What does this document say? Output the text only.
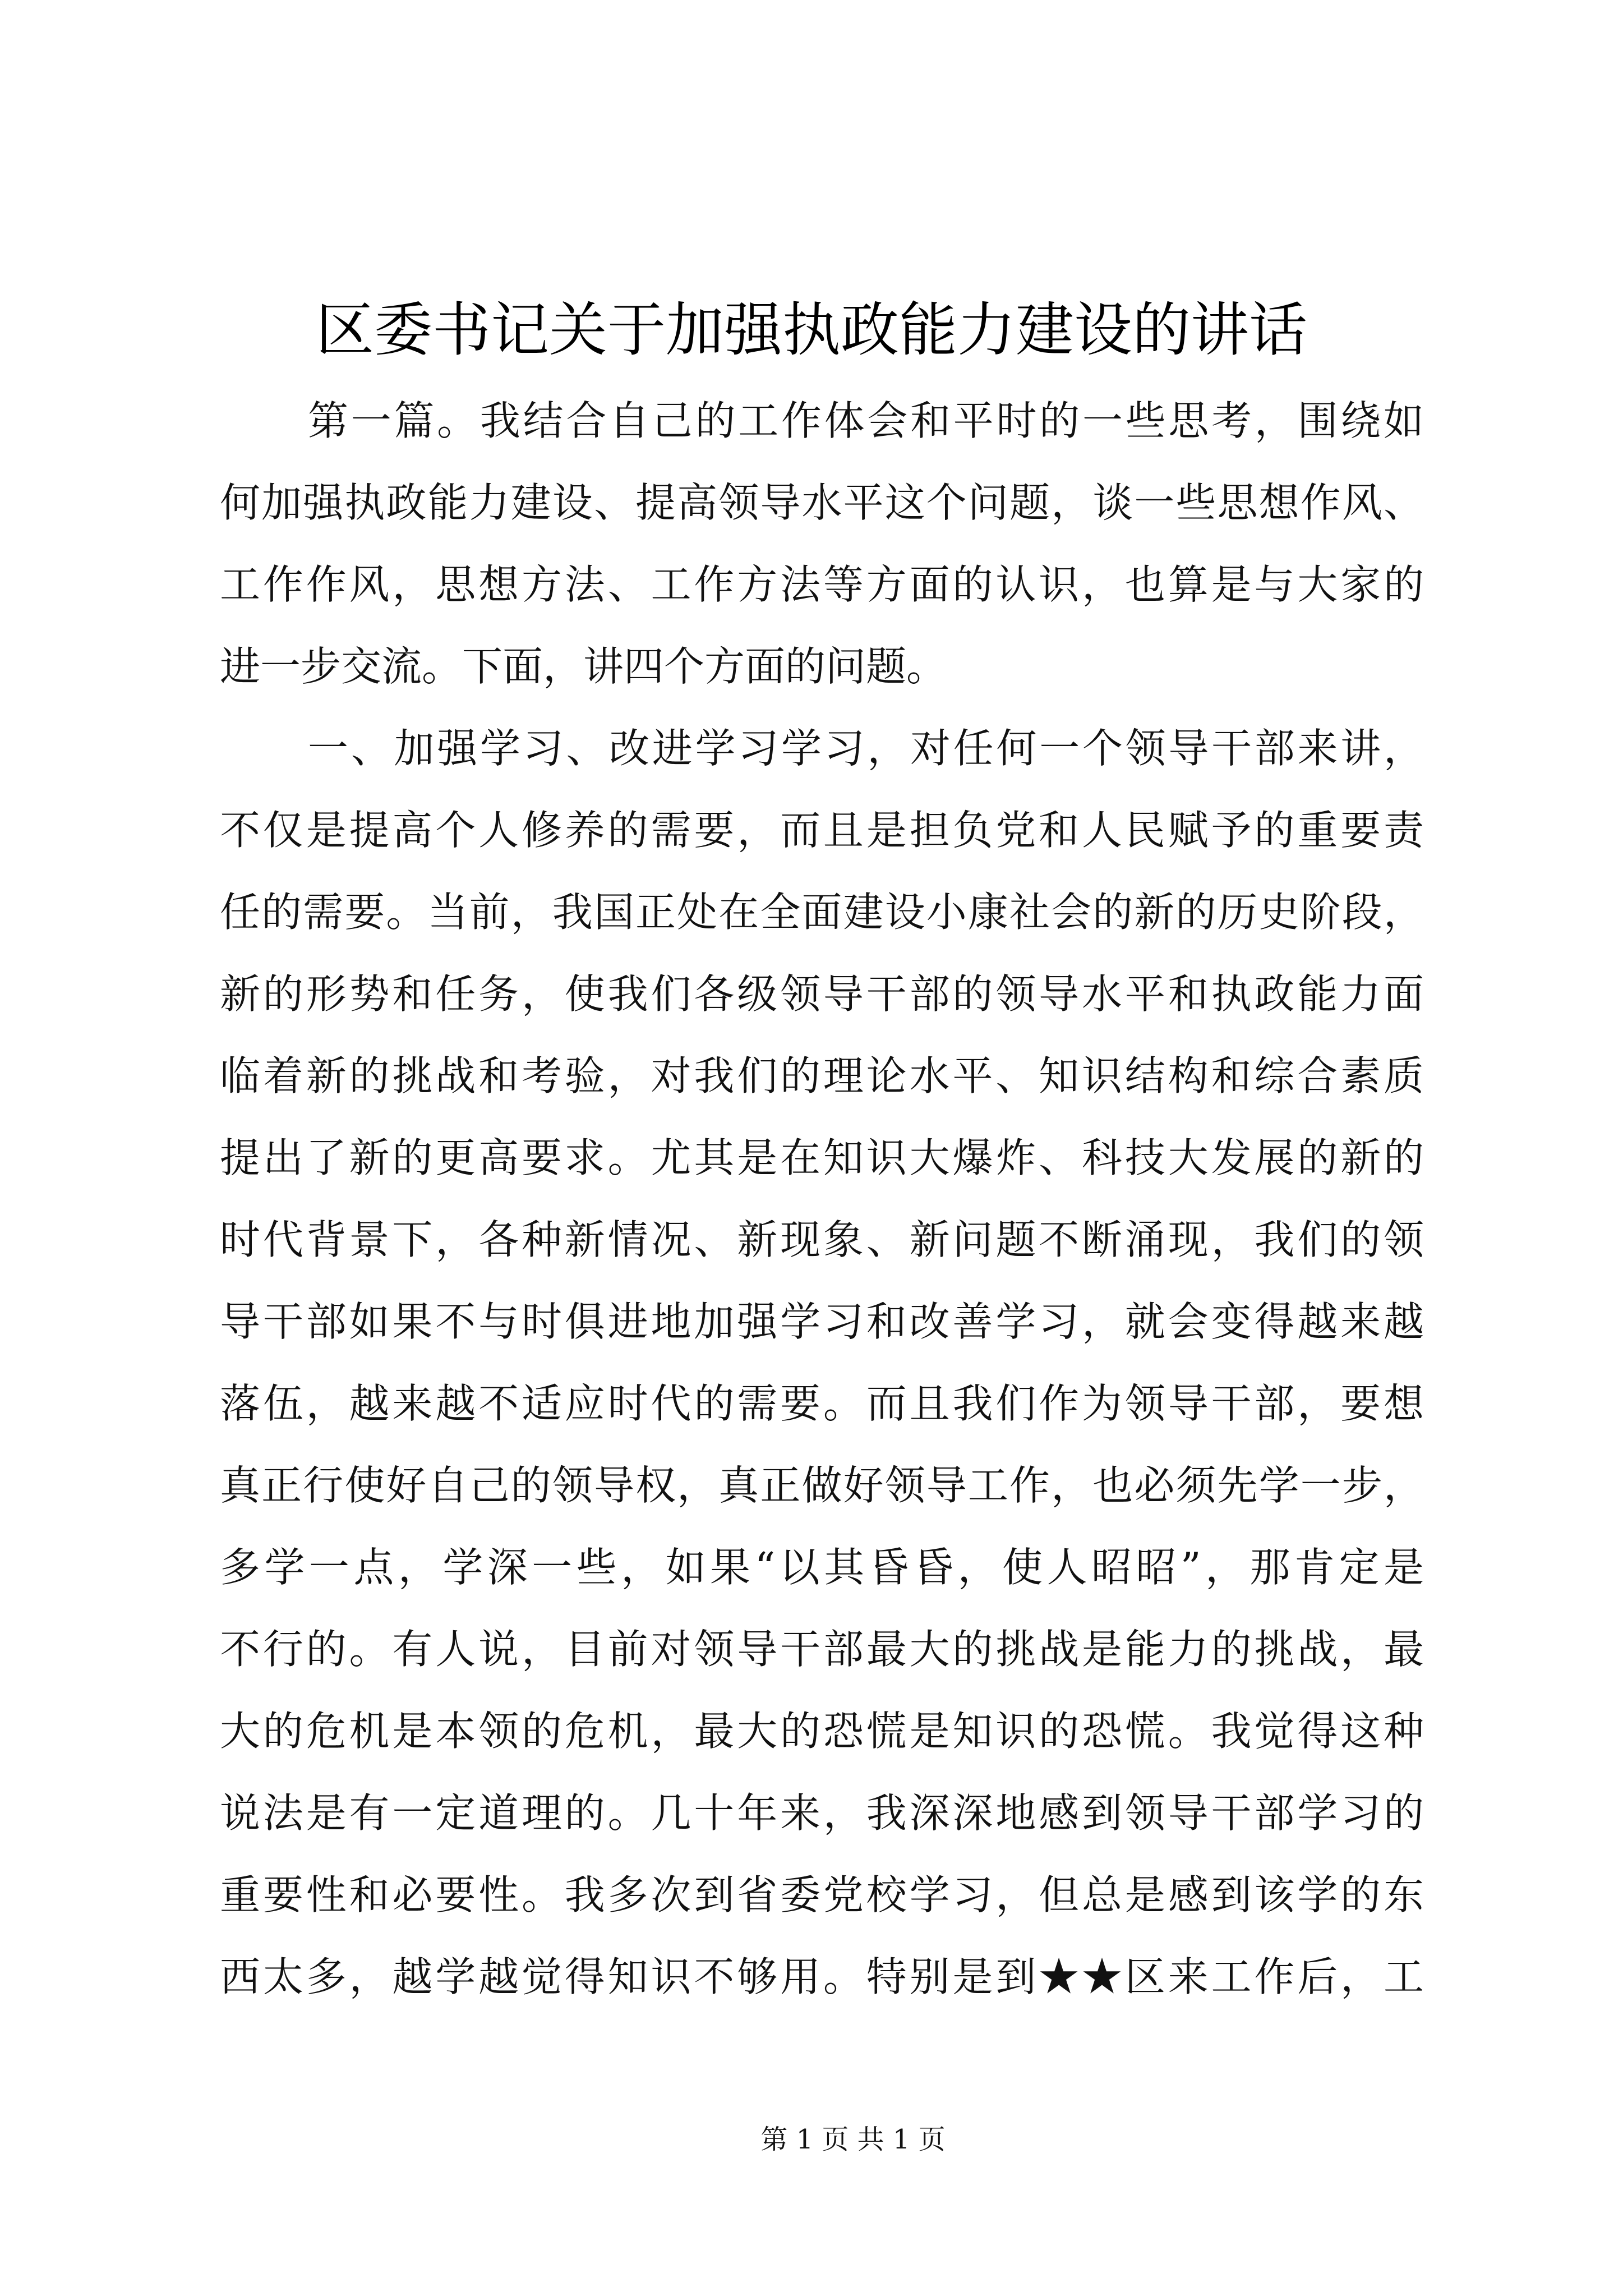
区委书记关于加强执政能力建设的讲话
第一篇。我结合自己的工作体会和平时的一些思考，围绕如
何加强执政能力建设、提高领导水平这个问题，谈一些思想作风、
工作作风，思想方法、工作方法等方面的认识，也算是与大家的
进一步交流。下面，讲四个方面的问题。
一、加强学习、改进学习学习，对任何一个领导干部来讲，
不仅是提高个人修养的需要，而且是担负党和人民赋予的重要责
任的需要。当前，我国正处在全面建设小康社会的新的历史阶段，
新的形势和任务，使我们各级领导干部的领导水平和执政能力面
临着新的挑战和考验，对我们的理论水平、知识结构和综合素质
提出了新的更高要求。尤其是在知识大爆炸、科技大发展的新的
时代背景下，各种新情况、新现象、新问题不断涌现，我们的领
导干部如果不与时俱进地加强学习和改善学习，就会变得越来越
落伍，越来越不适应时代的需要。而且我们作为领导干部，要想
真正行使好自己的领导权，真正做好领导工作，也必须先学一步，
多学一点，学深一些，如果“以其昏昏，使人昭昭”，那肯定是
不行的。有人说，目前对领导干部最大的挑战是能力的挑战，最
大的危机是本领的危机，最大的恐慌是知识的恐慌。我觉得这种
说法是有一定道理的。几十年来，我深深地感到领导干部学习的
重要性和必要性。我多次到省委党校学习，但总是感到该学的东
西太多，越学越觉得知识不够用。特别是到★★区来工作后，工
第 1 页 共 1 页
